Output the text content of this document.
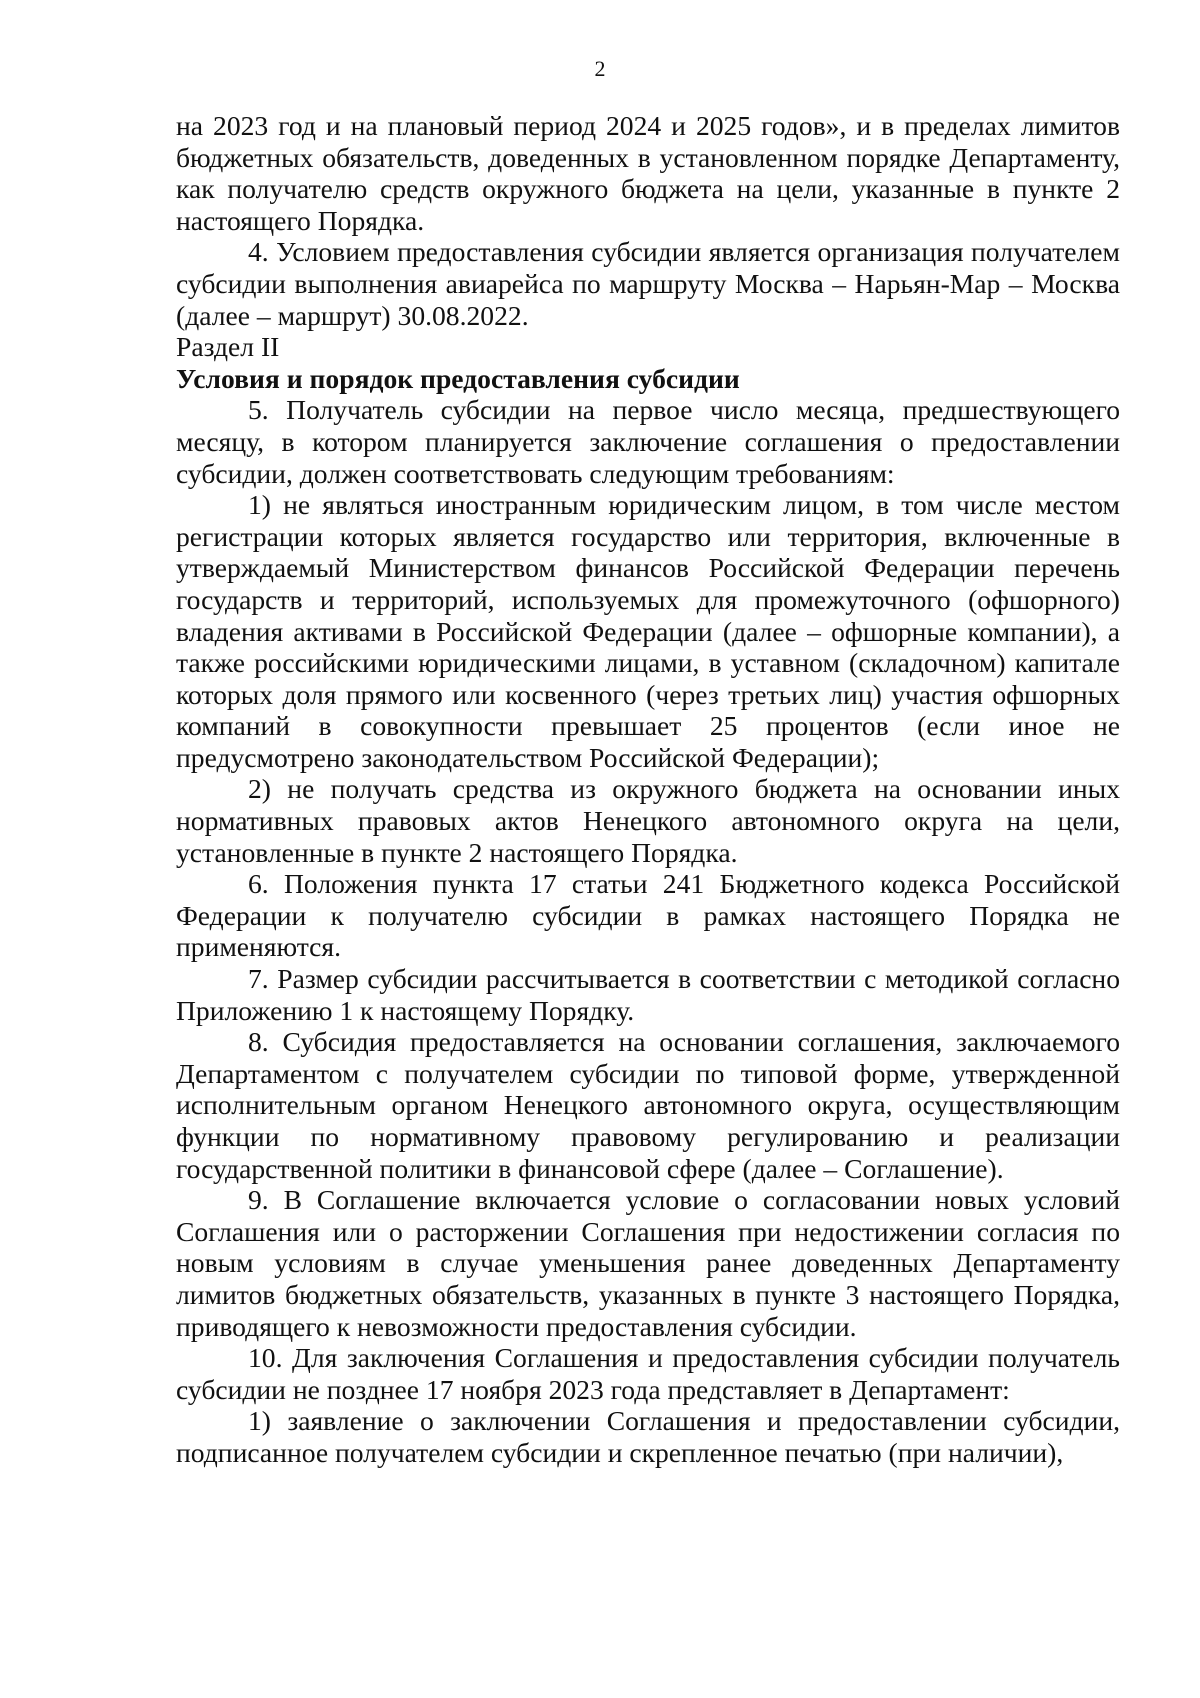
2

на 2023 год и на плановый период 2024 и 2025 годов», и в пределах лимитов бюджетных обязательств, доведенных в установленном порядке Департаменту, как получателю средств окружного бюджета на цели, указанные в пункте 2 настоящего Порядка.

4. Условием предоставления субсидии является организация получателем субсидии выполнения авиарейса по маршруту Москва – Нарьян-Мар – Москва (далее – маршрут) 30.08.2022.

Раздел II

Условия и порядок предоставления субсидии

5. Получатель субсидии на первое число месяца, предшествующего месяцу, в котором планируется заключение соглашения о предоставлении субсидии, должен соответствовать следующим требованиям:

1) не являться иностранным юридическим лицом, в том числе местом регистрации которых является государство или территория, включенные в утверждаемый Министерством финансов Российской Федерации перечень государств и территорий, используемых для промежуточного (офшорного) владения активами в Российской Федерации (далее – офшорные компании), а также российскими юридическими лицами, в уставном (складочном) капитале которых доля прямого или косвенного (через третьих лиц) участия офшорных компаний в совокупности превышает 25 процентов (если иное не предусмотрено законодательством Российской Федерации);

2) не получать средства из окружного бюджета на основании иных нормативных правовых актов Ненецкого автономного округа на цели, установленные в пункте 2 настоящего Порядка.

6. Положения пункта 17 статьи 241 Бюджетного кодекса Российской Федерации к получателю субсидии в рамках настоящего Порядка не применяются.

7. Размер субсидии рассчитывается в соответствии с методикой согласно Приложению 1 к настоящему Порядку.

8. Субсидия предоставляется на основании соглашения, заключаемого Департаментом с получателем субсидии по типовой форме, утвержденной исполнительным органом Ненецкого автономного округа, осуществляющим функции по нормативному правовому регулированию и реализации государственной политики в финансовой сфере (далее – Соглашение).

9. В Соглашение включается условие о согласовании новых условий Соглашения или о расторжении Соглашения при недостижении согласия по новым условиям в случае уменьшения ранее доведенных Департаменту лимитов бюджетных обязательств, указанных в пункте 3 настоящего Порядка, приводящего к невозможности предоставления субсидии.

10. Для заключения Соглашения и предоставления субсидии получатель субсидии не позднее 17 ноября 2023 года представляет в Департамент:

1) заявление о заключении Соглашения и предоставлении субсидии, подписанное получателем субсидии и скрепленное печатью (при наличии),
